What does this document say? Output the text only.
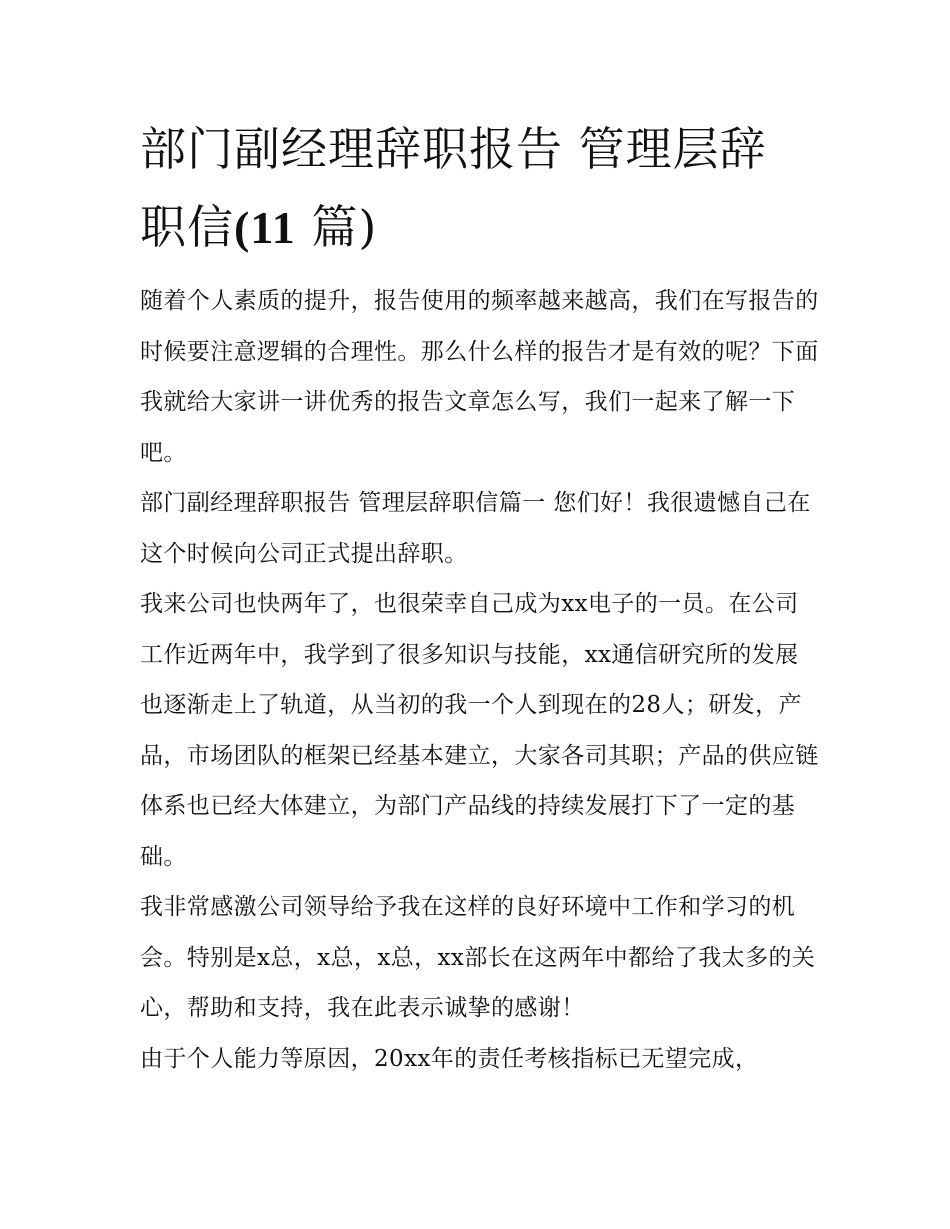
部门副经理辞职报告 管理层辞
职信(11 篇)

随着个人素质的提升，报告使用的频率越来越高，我们在写报告的时候要注意逻辑的合理性。那么什么样的报告才是有效的呢？下面我就给大家讲一讲优秀的报告文章怎么写，我们一起来了解一下吧。

部门副经理辞职报告 管理层辞职信篇一 您们好！我很遗憾自己在这个时候向公司正式提出辞职。

我来公司也快两年了，也很荣幸自己成为xx电子的一员。在公司工作近两年中，我学到了很多知识与技能，xx通信研究所的发展也逐渐走上了轨道，从当初的我一个人到现在的28人；研发，产品，市场团队的框架已经基本建立，大家各司其职；产品的供应链体系也已经大体建立，为部门产品线的持续发展打下了一定的基础。

我非常感激公司领导给予我在这样的良好环境中工作和学习的机会。特别是x总，x总，x总，xx部长在这两年中都给了我太多的关心，帮助和支持，我在此表示诚挚的感谢！

由于个人能力等原因，20xx年的责任考核指标已无望完成，
